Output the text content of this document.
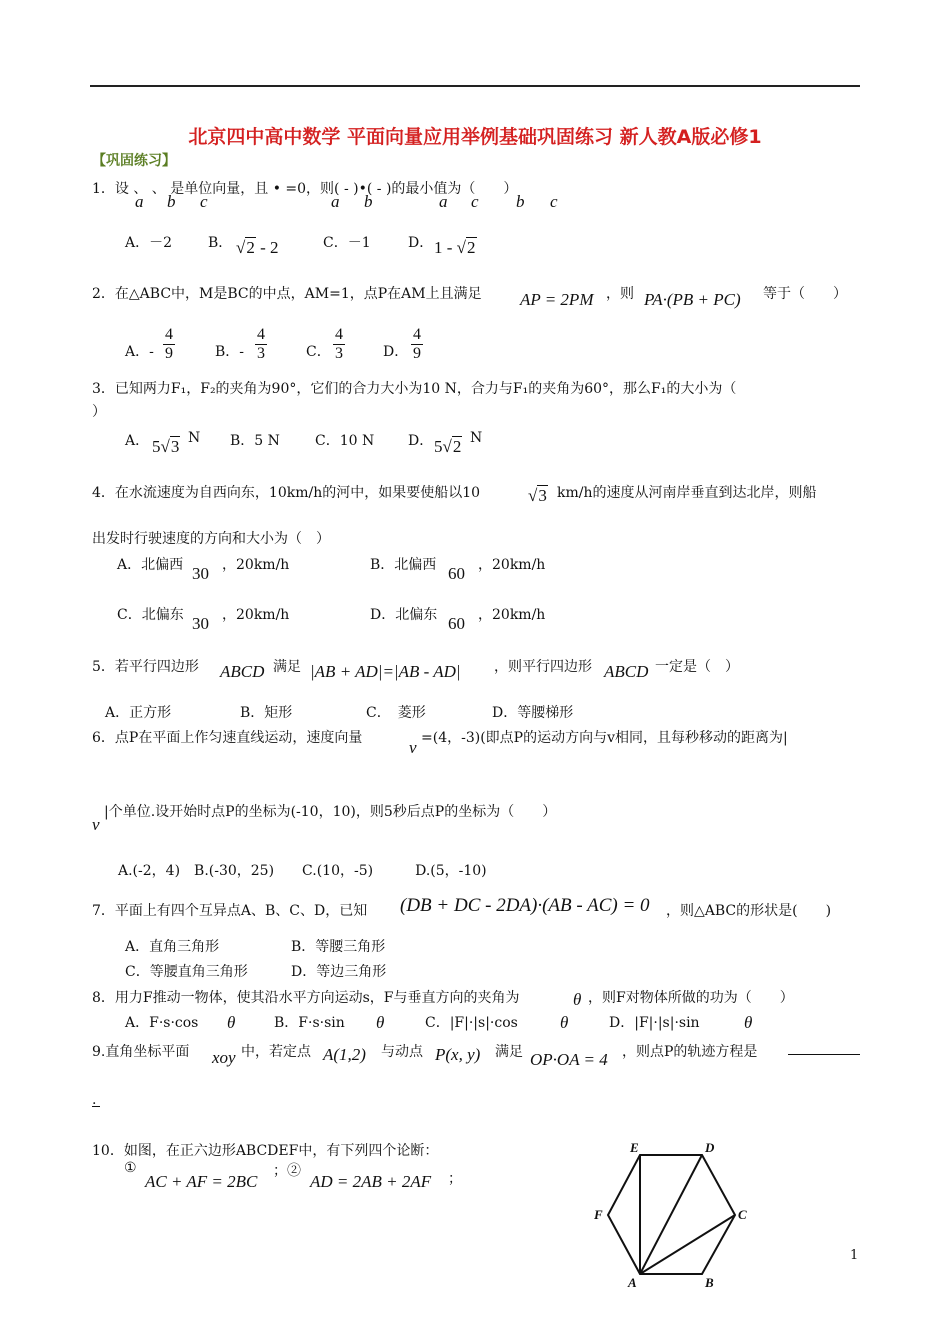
北京四中高中数学 平面向量应用举例基础巩固练习 新人教A版必修1
【巩固练习】
1．设 、 、 是单位向量，且 • =0，则( - )•( - )的最小值为（　　）
a b c	a b	a c b c
A．－2	B． √2 - 2	C．－1	D． 1 - √2
2．在△ABC中，M是BC的中点，AM=1，点P在AM上且满足 AP = 2PM ，则 PA·(PB + PC) 等于（　　）
A．- $\frac{4}{9}$	B．- $\frac{4}{3}$	C． $\frac{4}{3}$	D． $\frac{4}{9}$
3．已知两力F₁，F₂的夹角为90°，它们的合力大小为10 N，合力与F₁的夹角为60°，那么F₁的大小为（
）
A． 5√3 N B．5 N	C．10 N D． 5√2 N
4．在水流速度为自西向东，10km/h的河中，如果要使船以10	√3 km/h的速度从河南岸垂直到达北岸，则船
出发时行驶速度的方向和大小为（　）
A．北偏西 30 ，20km/h	B．北偏西 60 ，20km/h
C．北偏东 30 ，20km/h	D．北偏东 60 ，20km/h
5．若平行四边形 ABCD 满足 |AB + AD|=|AB - AD| ，则平行四边形 ABCD 一定是（　）
A．正方形	B．矩形	C．　菱形	D．等腰梯形
6．点P在平面上作匀速直线运动，速度向量	v =(4，-3)(即点P的运动方向与v相同，且每秒移动的距离为|
v
|个单位.设开始时点P的坐标为(-10，10)，则5秒后点P的坐标为（　　）
A.(-2，4)　B.(-30，25)　　C.(10，-5)　　　D.(5，-10)
7．平面上有四个互异点A、B、C、D，已知 (DB + DC - 2DA)·(AB - AC) = 0 ，则△ABC的形状是(　　)
A．直角三角形	B．等腰三角形
C．等腰直角三角形	D．等边三角形
8．用力F推动一物体，使其沿水平方向运动s，F与垂直方向的夹角为	θ ，则F对物体所做的功为（　　）
A．F·s·cos θ	B．F·s·sin θ	C．|F|·|s|·cos θ	D．|F|·|s|·sin	θ
9.直角坐标平面 xoy 中，若定点 A(1,2) 与动点 P(x, y) 满足 OP·OA = 4 ，则点P的轨迹方程是
.
10．如图，在正六边形ABCDEF中，有下列四个论断：
①
AC + AF = 2BC
；②
AD = 2AB + 2AF ；
E	D
F	C
A	B
1
